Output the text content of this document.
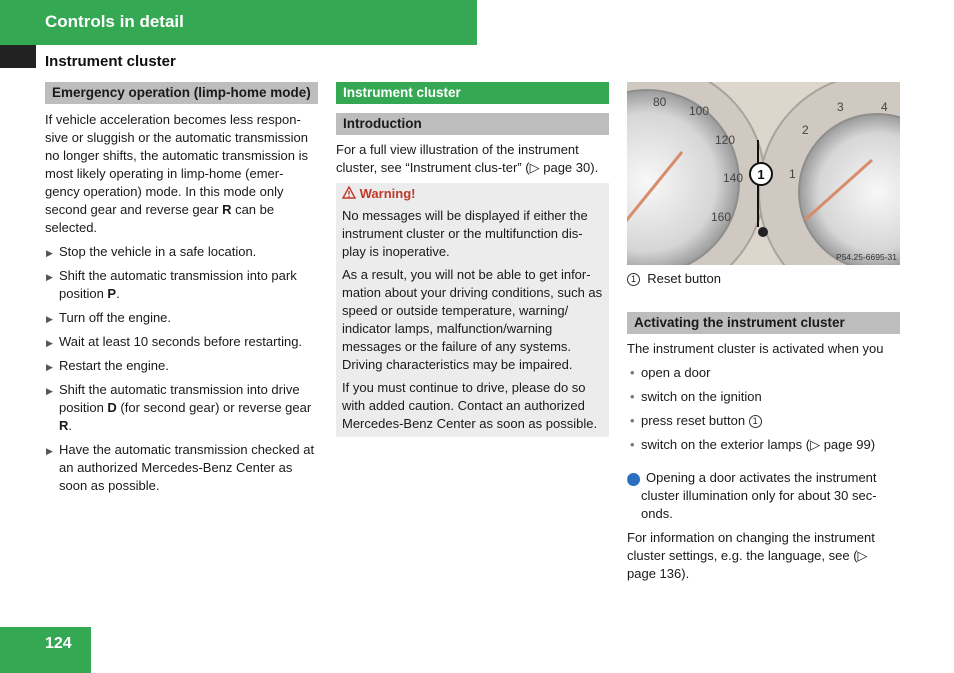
Controls in detail
Instrument cluster
Emergency operation (limp-home mode)

If vehicle acceleration becomes less respon-sive or sluggish or the automatic transmission no longer shifts, the automatic transmission is most likely operating in limp-home (emer-gency operation) mode. In this mode only second gear and reverse gear R can be selected.

▶ Stop the vehicle in a safe location.
▶ Shift the automatic transmission into park position P.
▶ Turn off the engine.
▶ Wait at least 10 seconds before restarting.
▶ Restart the engine.
▶ Shift the automatic transmission into drive position D (for second gear) or reverse gear R.
▶ Have the automatic transmission checked at an authorized Mercedes-Benz Center as soon as possible.
Instrument cluster
Introduction

For a full view illustration of the instrument cluster, see “Instrument clus-ter” (▷ page 30).

Warning!

No messages will be displayed if either the instrument cluster or the multifunction dis-play is inoperative.

As a result, you will not be able to get infor-mation about your driving conditions, such as speed or outside temperature, warning/ indicator lamps, malfunction/warning messages or the failure of any systems. Driving characteristics may be impaired.

If you must continue to drive, please do so with added caution. Contact an authorized Mercedes-Benz Center as soon as possible.

80
100
120
140
160
3	4
2
1
1
P54.25-6695-31

1 Reset button

Activating the instrument cluster

The instrument cluster is activated when you

• open a door
• switch on the ignition
• press reset button 1
• switch on the exterior lamps (▷ page 99)

i Opening a door activates the instrument cluster illumination only for about 30 sec-onds.

For information on changing the instrument cluster settings, e.g. the language, see (▷ page 136).

124
